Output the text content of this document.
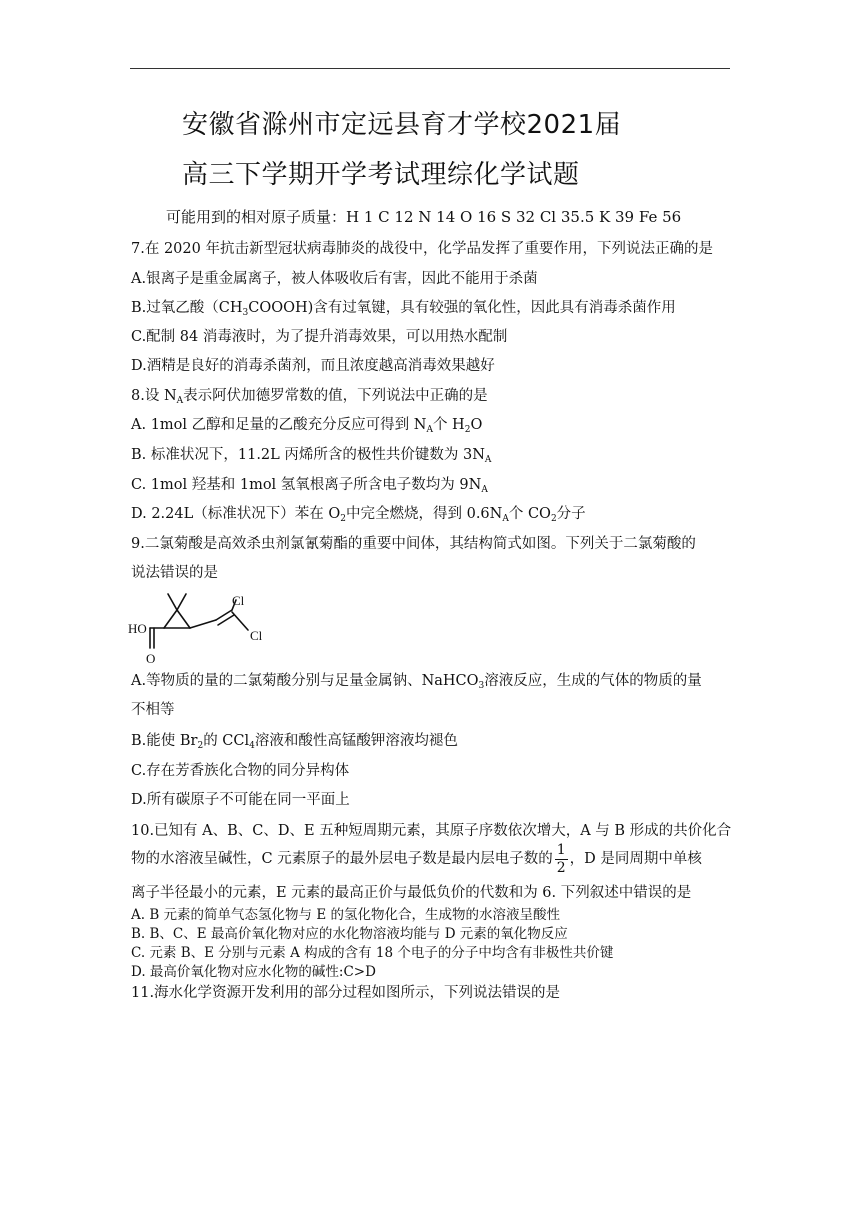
安徽省滁州市定远县育才学校2021届
高三下学期开学考试理综化学试题
可能用到的相对原子质量：H 1 C 12 N 14 O 16 S 32 Cl 35.5 K 39 Fe 56
7.在 2020 年抗击新型冠状病毒肺炎的战役中，化学品发挥了重要作用，下列说法正确的是
A.银离子是重金属离子，被人体吸收后有害，因此不能用于杀菌
B.过氧乙酸$(CH_3COOOH)$含有过氧键，具有较强的氧化性，因此具有消毒杀菌作用
C.配制 84 消毒液时，为了提升消毒效果，可以用热水配制
D.酒精是良好的消毒杀菌剂，而且浓度越高消毒效果越好
8.设 $N_A$表示阿伏加德罗常数的值，下列说法中正确的是
A. 1mol 乙醇和足量的乙酸充分反应可得到 $N_A$个 $H_2O$
B. 标准状况下，11.2L 丙烯所含的极性共价键数为 $3N_A$
C. 1mol 羟基和 1mol 氢氧根离子所含电子数均为 $9N_A$
D. 2.24L（标准状况下）苯在 $O_2$中完全燃烧，得到 $0.6N_A$个 $CO_2$分子
9.二氯菊酸是高效杀虫剂氯氰菊酯的重要中间体，其结构简式如图。下列关于二氯菊酸的
说法错误的是
HO
O
Cl
Cl
A.等物质的量的二氯菊酸分别与足量金属钠、NaHCO$_3$溶液反应，生成的气体的物质的量
不相等
B.能使 $Br_2$的 CCl$_4$溶液和酸性高锰酸钾溶液均褪色
C.存在芳香族化合物的同分异构体
D.所有碳原子不可能在同一平面上
10.已知有 A、B、C、D、E 五种短周期元素，其原子序数依次增大，A 与 B 形成的共价化合
物的水溶液呈碱性，C 元素原子的最外层电子数是最内层电子数的 $\frac{1}{2}$ ，D 是同周期中单核
离子半径最小的元素，E 元素的最高正价与最低负价的代数和为 6. 下列叙述中错误的是
A. B 元素的简单气态氢化物与 E 的氢化物化合，生成物的水溶液呈酸性
B. B、C、E 最高价氧化物对应的水化物溶液均能与 D 元素的氧化物反应
C. 元素 B、E 分别与元素 A 构成的含有 18 个电子的分子中均含有非极性共价键
D. 最高价氧化物对应水化物的碱性:C>D
11.海水化学资源开发利用的部分过程如图所示，下列说法错误的是
